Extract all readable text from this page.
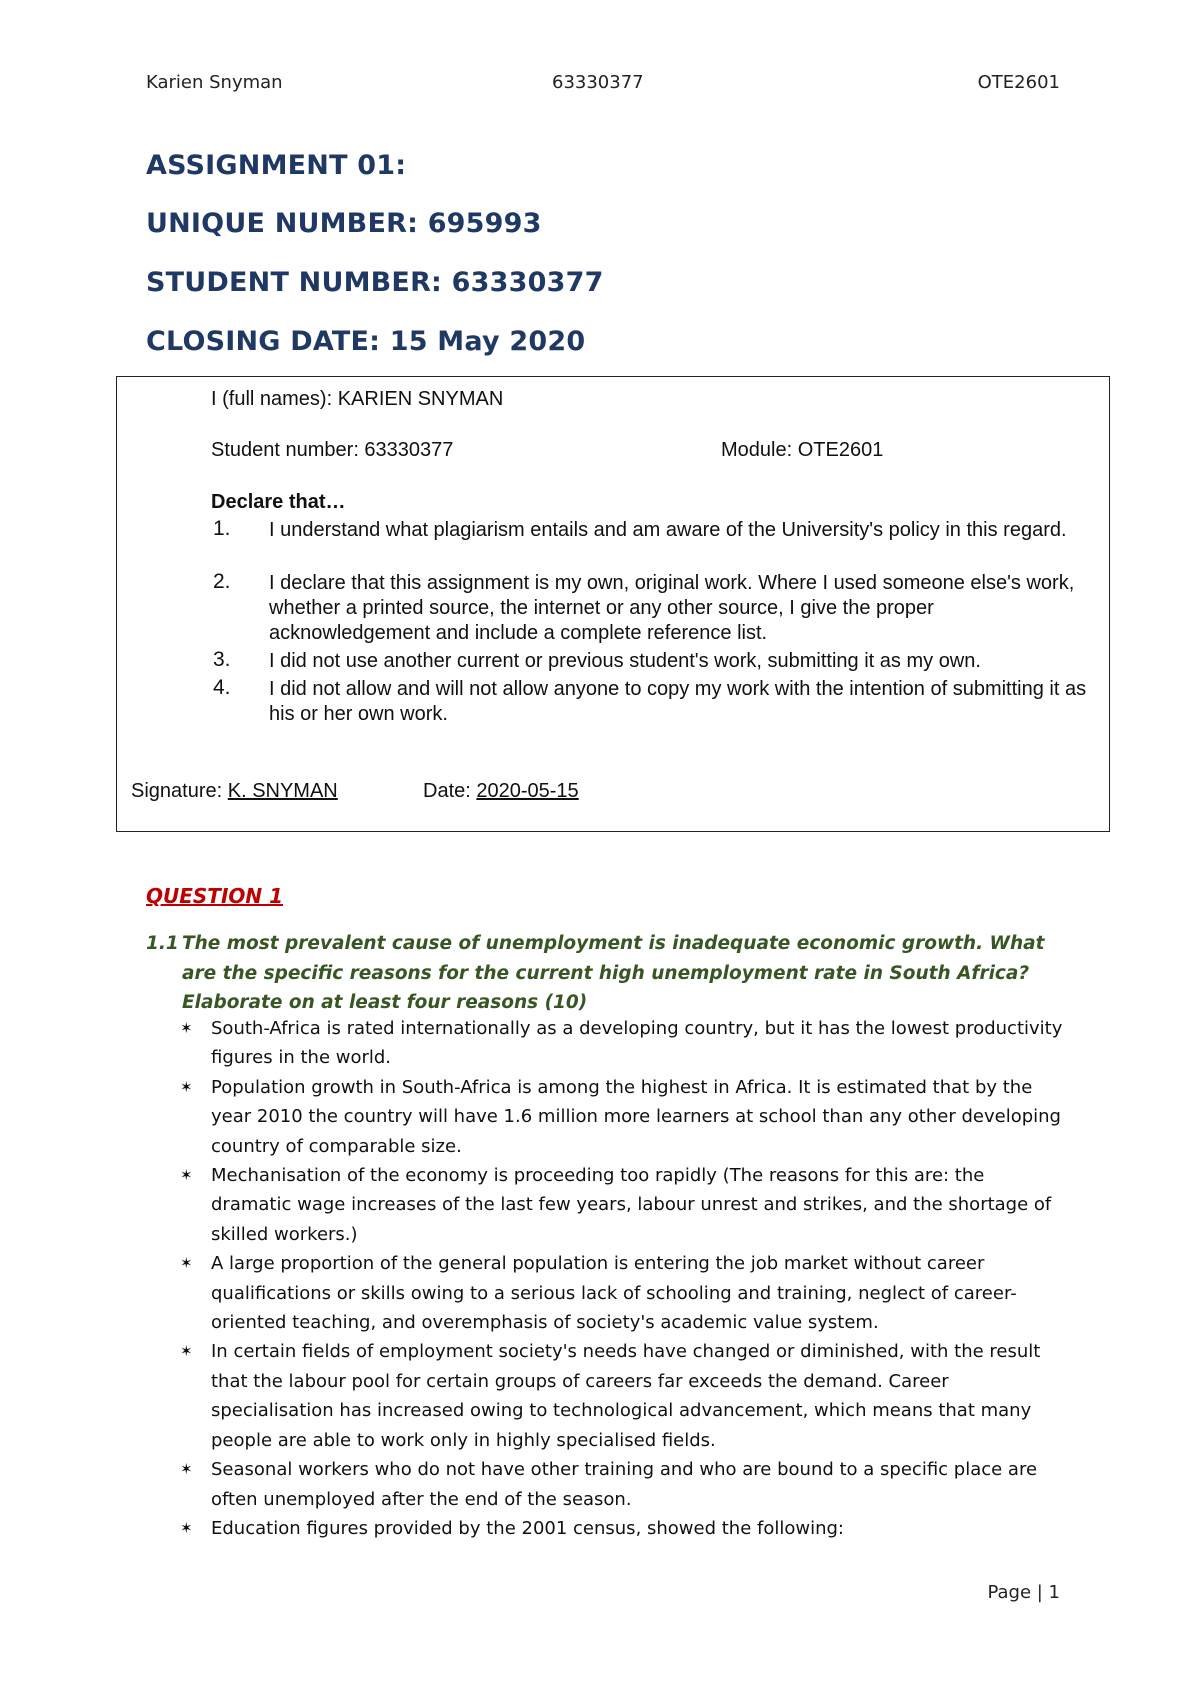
Karien Snyman	63330377	OTE2601
ASSIGNMENT 01:
UNIQUE NUMBER: 695993
STUDENT NUMBER: 63330377
CLOSING DATE: 15 May 2020
I (full names): KARIEN SNYMAN
Student number: 63330377	Module: OTE2601
Declare that…
1. I understand what plagiarism entails and am aware of the University's policy in this regard.
2. I declare that this assignment is my own, original work. Where I used someone else's work, whether a printed source, the internet or any other source, I give the proper acknowledgement and include a complete reference list.
3. I did not use another current or previous student's work, submitting it as my own.
4. I did not allow and will not allow anyone to copy my work with the intention of submitting it as his or her own work.
Signature: K. SNYMAN	Date: 2020-05-15
QUESTION 1
1.1 The most prevalent cause of unemployment is inadequate economic growth. What are the specific reasons for the current high unemployment rate in South Africa? Elaborate on at least four reasons (10)
✶ South-Africa is rated internationally as a developing country, but it has the lowest productivity figures in the world.
✶ Population growth in South-Africa is among the highest in Africa. It is estimated that by the year 2010 the country will have 1.6 million more learners at school than any other developing country of comparable size.
✶ Mechanisation of the economy is proceeding too rapidly (The reasons for this are: the dramatic wage increases of the last few years, labour unrest and strikes, and the shortage of skilled workers.)
✶ A large proportion of the general population is entering the job market without career qualifications or skills owing to a serious lack of schooling and training, neglect of career-oriented teaching, and overemphasis of society's academic value system.
✶ In certain fields of employment society's needs have changed or diminished, with the result that the labour pool for certain groups of careers far exceeds the demand. Career specialisation has increased owing to technological advancement, which means that many people are able to work only in highly specialised fields.
✶ Seasonal workers who do not have other training and who are bound to a specific place are often unemployed after the end of the season.
✶ Education figures provided by the 2001 census, showed the following:
Page | 1
